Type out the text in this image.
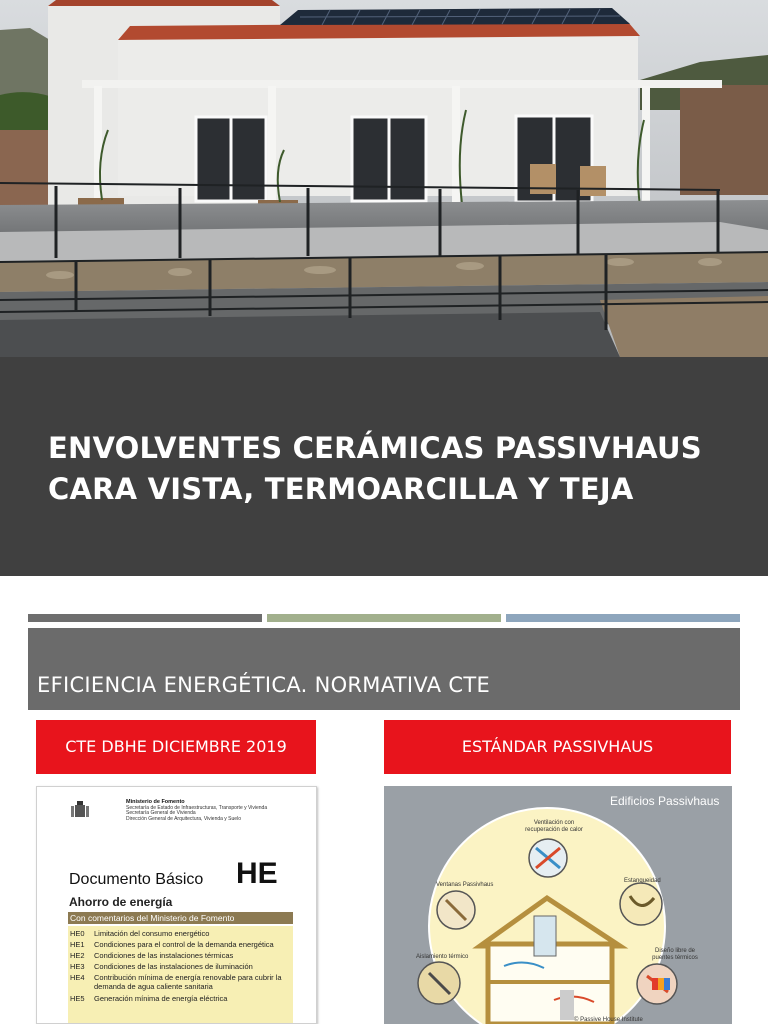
ENVOLVENTES CERÁMICAS PASSIVHAUS
CARA VISTA, TERMOARCILLA Y TEJA
EFICIENCIA ENERGÉTICA. NORMATIVA CTE
CTE DBHE DICIEMBRE 2019	ESTÁNDAR PASSIVHAUS
Ministerio de Fomento
Secretaría de Estado de Infraestructuras, Transporte y Vivienda
Secretaría General de Vivienda
Dirección General de Arquitectura, Vivienda y Suelo
Documento Básico HE
Ahorro de energía
Con comentarios del Ministerio de Fomento
HE0	Limitación del consumo energético
HE1	Condiciones para el control de la demanda energética
HE2	Condiciones de las instalaciones térmicas
HE3	Condiciones de las instalaciones de iluminación
HE4	Contribución mínima de energía renovable para cubrir la demanda de agua caliente sanitaria
HE5	Generación mínima de energía eléctrica
Edificios Passivhaus
Ventilación con recuperación de calor
Ventanas Passivhaus
Estanqueidad
Aislamiento térmico
Diseño libre de puentes térmicos
© Passive House Institute
